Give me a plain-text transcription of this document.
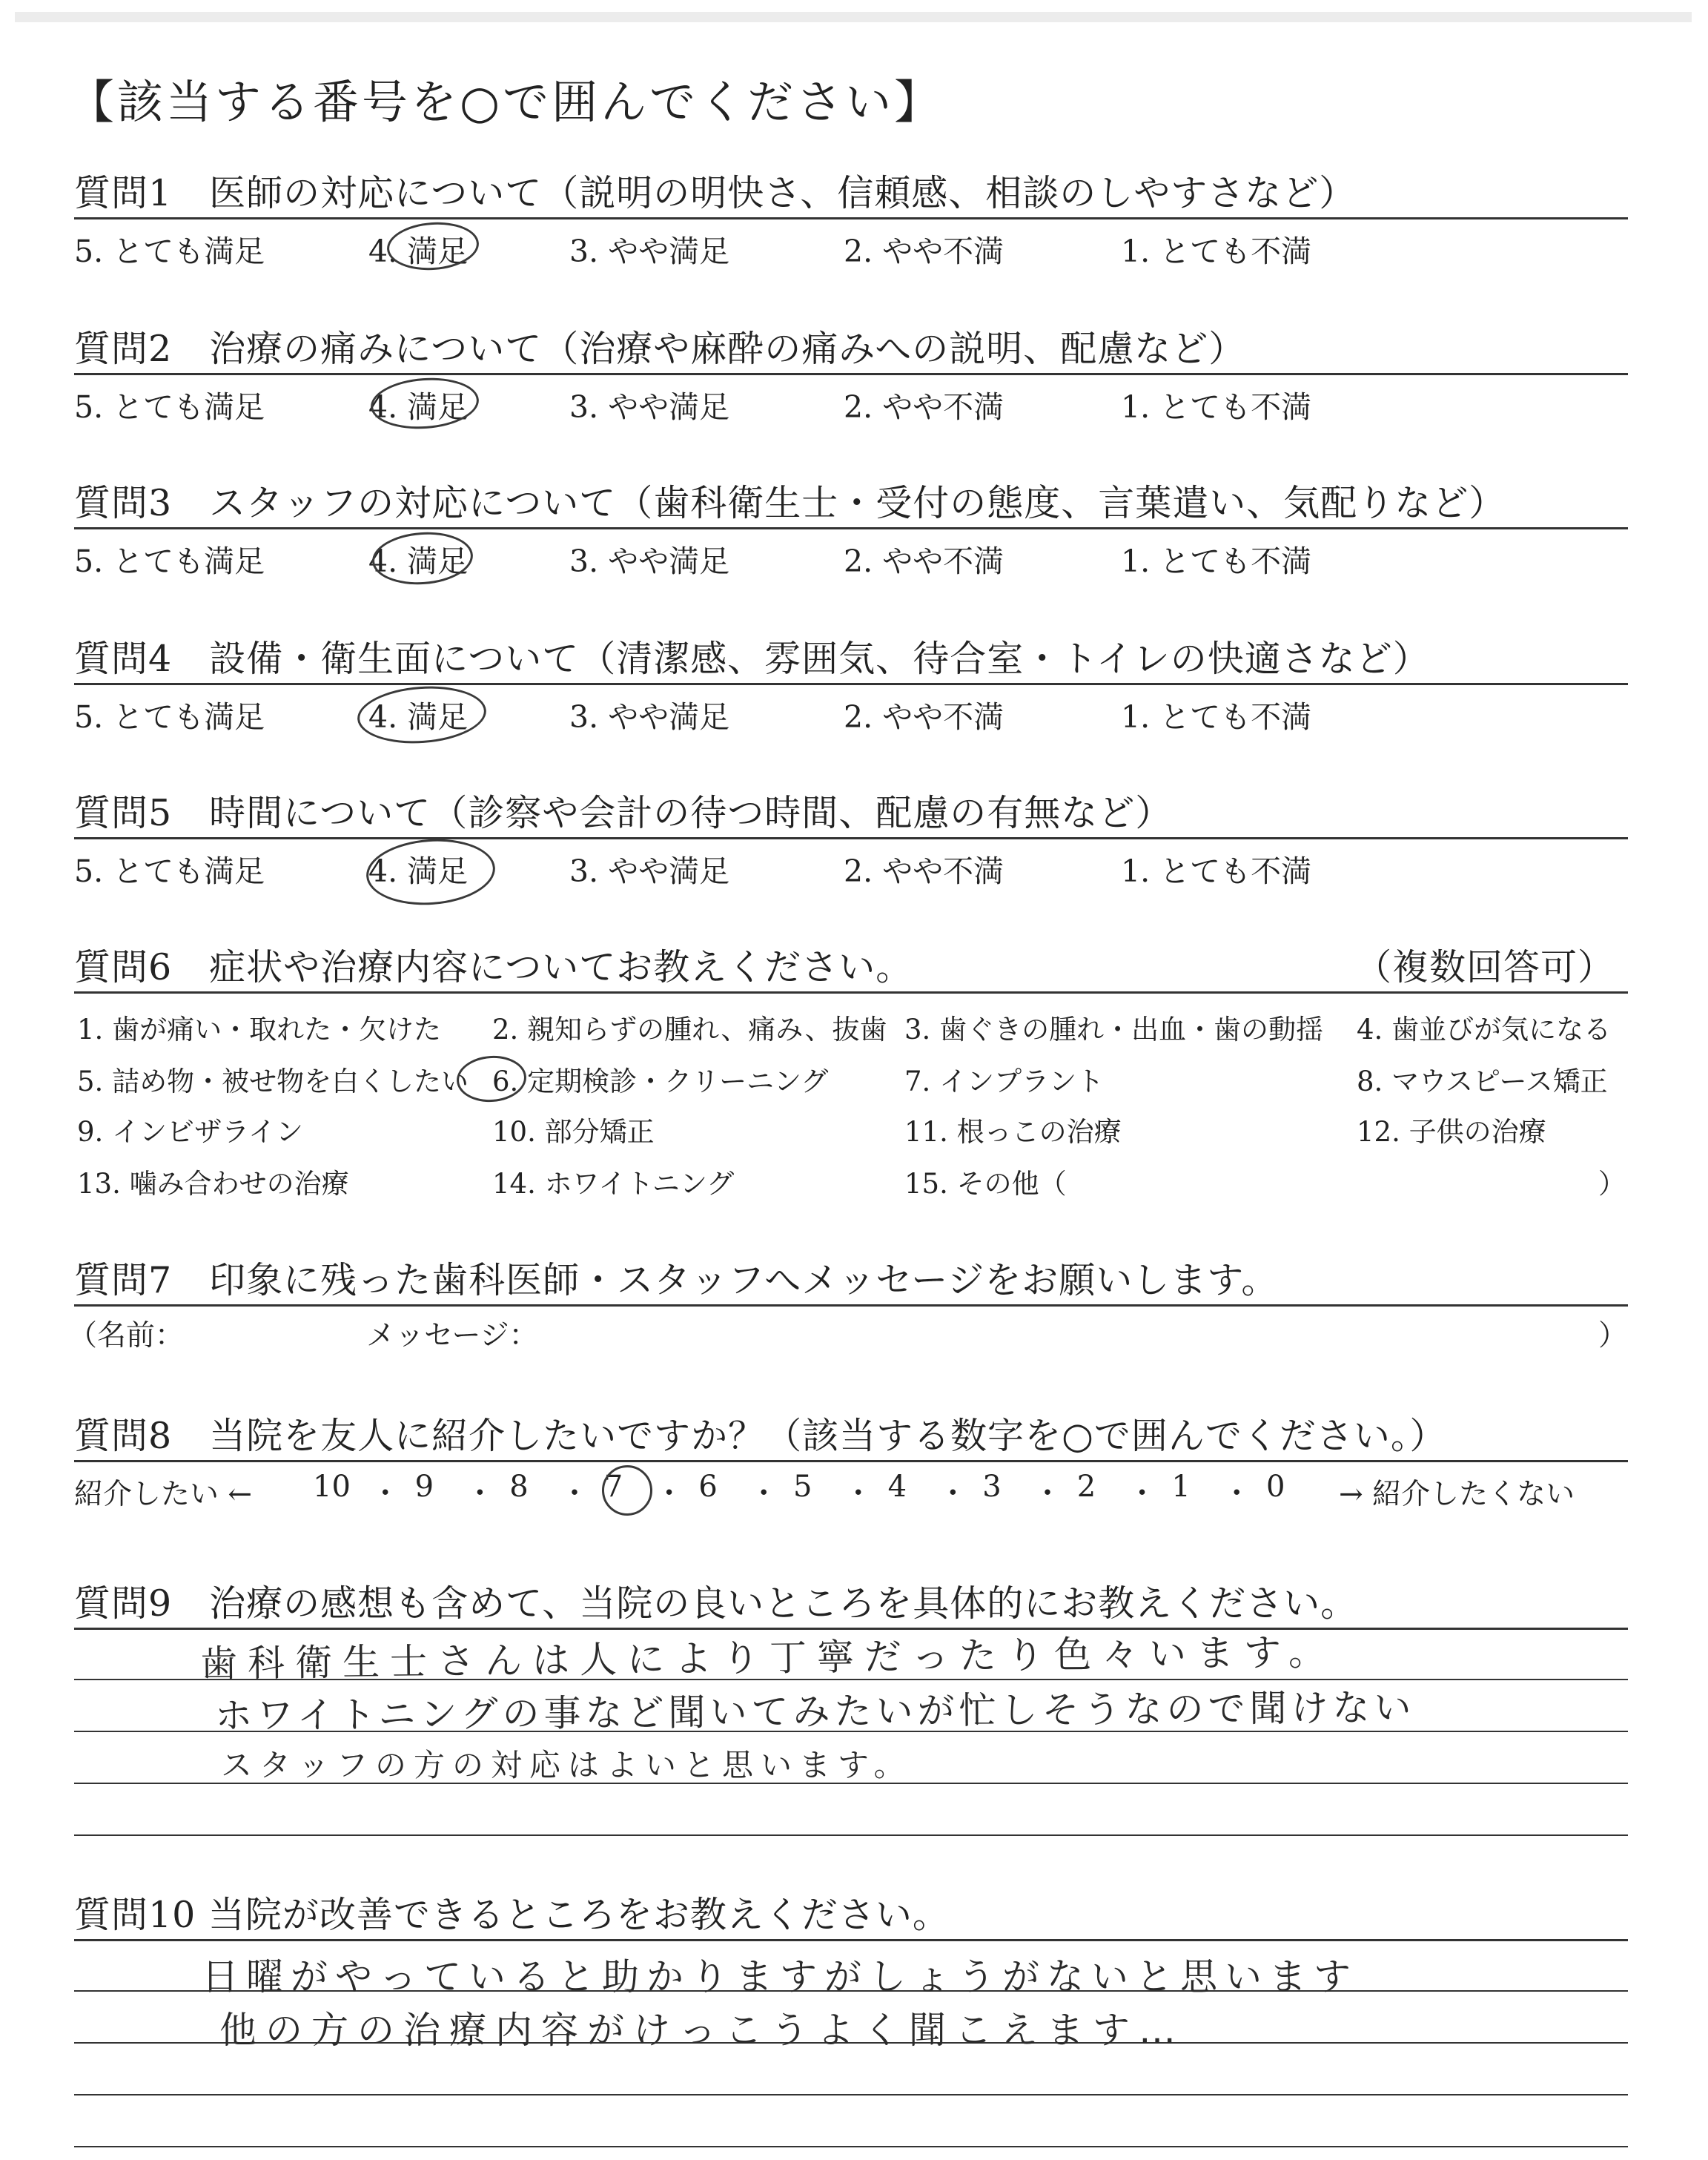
【該当する番号を○で囲んでください】
質問1　医師の対応について（説明の明快さ、信頼感、相談のしやすさなど）
5. とても満足	4. 満足	3. やや満足	2. やや不満	1. とても不満
質問2　治療の痛みについて（治療や麻酔の痛みへの説明、配慮など）
5. とても満足	4. 満足	3. やや満足	2. やや不満	1. とても不満
質問3　スタッフの対応について（歯科衛生士・受付の態度、言葉遣い、気配りなど）
5. とても満足	4. 満足	3. やや満足	2. やや不満	1. とても不満
質問4　設備・衛生面について（清潔感、雰囲気、待合室・トイレの快適さなど）
5. とても満足	4. 満足	3. やや満足	2. やや不満	1. とても不満
質問5　時間について（診察や会計の待つ時間、配慮の有無など）
5. とても満足	4. 満足	3. やや満足	2. やや不満	1. とても不満
質問6　症状や治療内容についてお教えください。	（複数回答可）
1. 歯が痛い・取れた・欠けた 2. 親知らずの腫れ、痛み、抜歯 3. 歯ぐきの腫れ・出血・歯の動揺 4. 歯並びが気になる
5. 詰め物・被せ物を白くしたい 6. 定期検診・クリーニング	7. インプラント	8. マウスピース矯正
9. インビザライン	10. 部分矯正	11. 根っこの治療	12. 子供の治療
13. 噛み合わせの治療	14. ホワイトニング	15. その他（	）
質問7　印象に残った歯科医師・スタッフへメッセージをお願いします。
（名前：	メッセージ：	）
質問8　当院を友人に紹介したいですか？（該当する数字を○で囲んでください。）
紹介したい ←	→ 紹介したくない
10 ・ 9 ・ 8 ・ 7 ・ 6 ・ 5 ・ 4 ・ 3 ・ 2 ・ 1 ・ 0
質問9　治療の感想も含めて、当院の良いところを具体的にお教えください。
歯科衛生士さんは人により丁寧だったり色々います。
ホワイトニングの事など聞いてみたいが忙しそうなので聞けない
スタッフの方の対応はよいと思います。
質問10 当院が改善できるところをお教えください。
日曜がやっていると助かりますがしょうがないと思います
他の方の治療内容がけっこうよく聞こえます…
